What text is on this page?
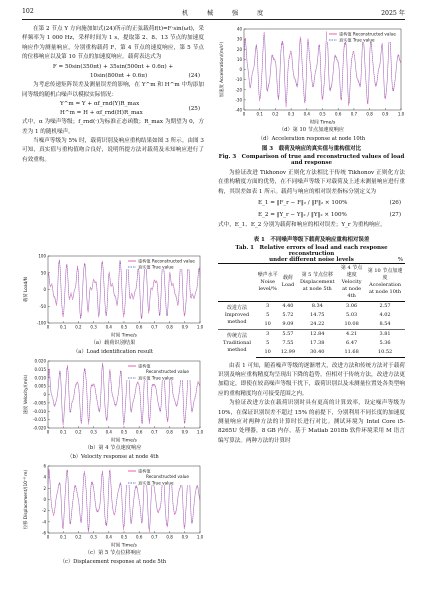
102	机	械	强	度	2025 年

在第 2 节点 Y 方向施加如式(24)所示的正弦载荷f(t)=F·sin(ωt)，采样频率为 1 000 Hz，采样时间为 1 s，提取第 2、8、13 节点的加速度响应作为测量响应，分别重构载荷 F，第 4 节点的速度响应，第 5 节点的位移响应以及第 10 节点的加速度响应。载荷表达式为

F = 50sin(350πt) + 35sin(500πt + 0.6π) +
10sin(800πt + 0.6π)	(24)

为考虑传递矩阵误差及测量误差的影响，在 Y^m 和 H^m 中均添加同等级的随机白噪声以模拟实际情况：

Y^m = Y + αf_rnd(Y)R_max
H^m = H + αf_rnd(H)R_max
(25)

式中，α 为噪声等级；f_rnd(·)为标准正态函数；R_max 为期望为 0，方差为 1 的随机噪声。

当噪声等级为 5% 时，载荷识别及响应重构结果如图 3 所示。由图 3 可知，真实值与重构值吻合良好，说明所提方法对载荷及未知响应进行了有效重构。

100
50
0
-50
-100
0	0.1 0.2 0.3 0.4 0.5 0.6 0.7 0.8 0.9 1.0
时间 Time/s
载荷 Load/N
重构值 Reconstructed value
真实值 True value
（a）载荷识别结果
（a）Load identification result
0.020
0.015
0.010
0.005
0
-0.005
-0.010
-0.015
-0.020
0	0.1 0.2 0.3 0.4 0.5 0.6 0.7 0.8 0.9 1.0
时间 Time/s
速度 Velocity/(m/s)
重构值
Reconstructed value
真实值 True value
（b）第 4 节点速度响应
（b）Velocity response at node 4th
6
4
2
0
-2
-4
-6
0	0.1 0.2 0.3 0.4 0.5 0.6 0.7 0.8 0.9 1.0
时间 Time/s
位移 Displacement/(10⁻⁶ m)	重构值
Reconstructed value
真实值 True value
（c）第 5 节点位移响应
（c）Displacement response at node 5th
40
30
20
10
0
-10
-20
-30
-40
0	0.1 0.2 0.3 0.4 0.5 0.6 0.7 0.8 0.9 1.0
时间 Time/s
加速度 Acceleration/(m/s²)
重构值 Reconstructed value
真实值 True value
（d）第 10 节点加速度响应
（d）Acceleration response at node 10th
图 3　载荷及响应的真实值与重构值对比
Fig. 3　Comparison of true and reconstructed values of load and response

为验证改进 Tikhonov 正则化方法相比于传统 Tikhonov 正则化方法在重构精度方面的优势，在不同噪声等级下对载荷及上述未测量响应进行重构，其误差如表 1 所示。载荷与响应的相对误差指标分别定义为

E_1 = ‖F_r − F‖₂ / ‖F‖₂ × 100%	(26)
E_2 = ‖Y_r − Y‖₂ / ‖Y‖₂ × 100%	(27)

式中，E_1、E_2 分别为载荷和响应的相对误差；Y_r 为重构响应。

表 1　不同噪声等级下载荷及响应重构相对误差
Tab. 1　Relative errors of load and each response reconstruction
under different noise levels	%
	噪声水平 Noise level/%	载荷 Load	第 5 节点位移 Displacement at node 5th	第 4 节点速度 Velocity at node 4th	第 10 节点加速度 Acceleration at node 10th
改进方法 Improved method	3	4.40	8.34	3.06	2.57
	5	5.72	14.75	5.03	4.02
	10	9.09	24.22	10.08	8.54
传统方法 Traditional method	3	5.57	12.84	4.21	3.81
	5	7.55	17.38	6.47	5.36
	10	12.99	30.40	11.68	10.52

由表 1 可知，随着噪声等级的逐渐增大，改进方法和传统方法对于载荷识别及响应重构精度均呈现出下降的趋势。但相对于传统方法，改进方法更加稳定，即使在较高噪声等级干扰下，载荷识别以及未测量位置处各类型响应的重构精度均在可接受范围之内。

为验证改进方法在载荷识别时具有更高的计算效率，设定噪声等级为 10%，在保证识别误差不超过 15% 的前提下，分别利用不同长度的加速度测量响应对两种方法的计算时长进行对比。测试环境为 Intel Core i5-8265U 处理器，8 GB 内存，基于 Matlab 2018b 软件环境采用 M 语言编写算法。两种方法的计算时
